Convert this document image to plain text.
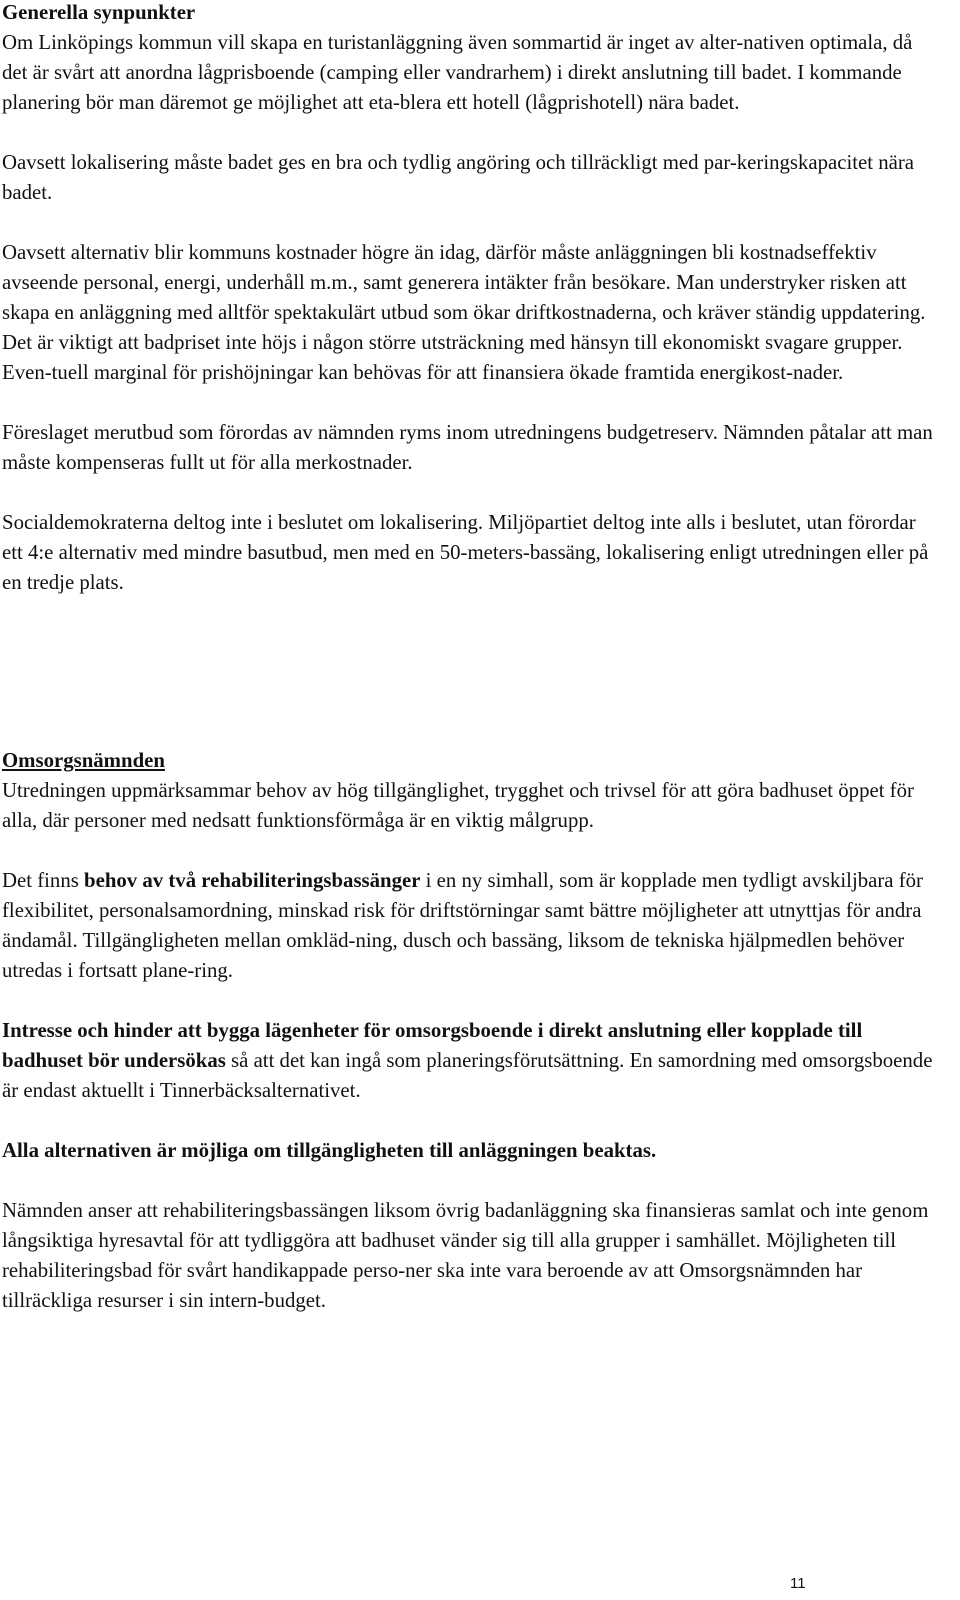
Generella synpunkter

Om Linköpings kommun vill skapa en turistanläggning även sommartid är inget av alter-nativen optimala, då det är svårt att anordna lågprisboende (camping eller vandrarhem) i direkt anslutning till badet. I kommande planering bör man däremot ge möjlighet att eta-blera ett hotell (lågprishotell) nära badet.

Oavsett lokalisering måste badet ges en bra och tydlig angöring och tillräckligt med par-keringskapacitet nära badet.

Oavsett alternativ blir kommuns kostnader högre än idag, därför måste anläggningen bli kostnadseffektiv avseende personal, energi, underhåll m.m., samt generera intäkter från besökare. Man understryker risken att skapa en anläggning med alltför spektakulärt utbud som ökar driftkostnaderna, och kräver ständig uppdatering. Det är viktigt att badpriset inte höjs i någon större utsträckning med hänsyn till ekonomiskt svagare grupper. Even-tuell marginal för prishöjningar kan behövas för att finansiera ökade framtida energikost-nader.

Föreslaget merutbud som förordas av nämnden ryms inom utredningens budgetreserv. Nämnden påtalar att man måste kompenseras fullt ut för alla merkostnader.

Socialdemokraterna deltog inte i beslutet om lokalisering. Miljöpartiet deltog inte alls i beslutet, utan förordar ett 4:e alternativ med mindre basutbud, men med en 50-meters-bassäng, lokalisering enligt utredningen eller på en tredje plats.

Omsorgsnämnden

Utredningen uppmärksammar behov av hög tillgänglighet, trygghet och trivsel för att göra badhuset öppet för alla, där personer med nedsatt funktionsförmåga är en viktig målgrupp.

Det finns behov av två rehabiliteringsbassänger i en ny simhall, som är kopplade men tydligt avskiljbara för flexibilitet, personalsamordning, minskad risk för driftstörningar samt bättre möjligheter att utnyttjas för andra ändamål. Tillgängligheten mellan omkläd-ning, dusch och bassäng, liksom de tekniska hjälpmedlen behöver utredas i fortsatt plane-ring.

Intresse och hinder att bygga lägenheter för omsorgsboende i direkt anslutning eller kopplade till badhuset bör undersökas så att det kan ingå som planeringsförutsättning. En samordning med omsorgsboende är endast aktuellt i Tinnerbäcksalternativet.

Alla alternativen är möjliga om tillgängligheten till anläggningen beaktas.

Nämnden anser att rehabiliteringsbassängen liksom övrig badanläggning ska finansieras samlat och inte genom långsiktiga hyresavtal för att tydliggöra att badhuset vänder sig till alla grupper i samhället. Möjligheten till rehabiliteringsbad för svårt handikappade perso-ner ska inte vara beroende av att Omsorgsnämnden har tillräckliga resurser i sin intern-budget.

11
